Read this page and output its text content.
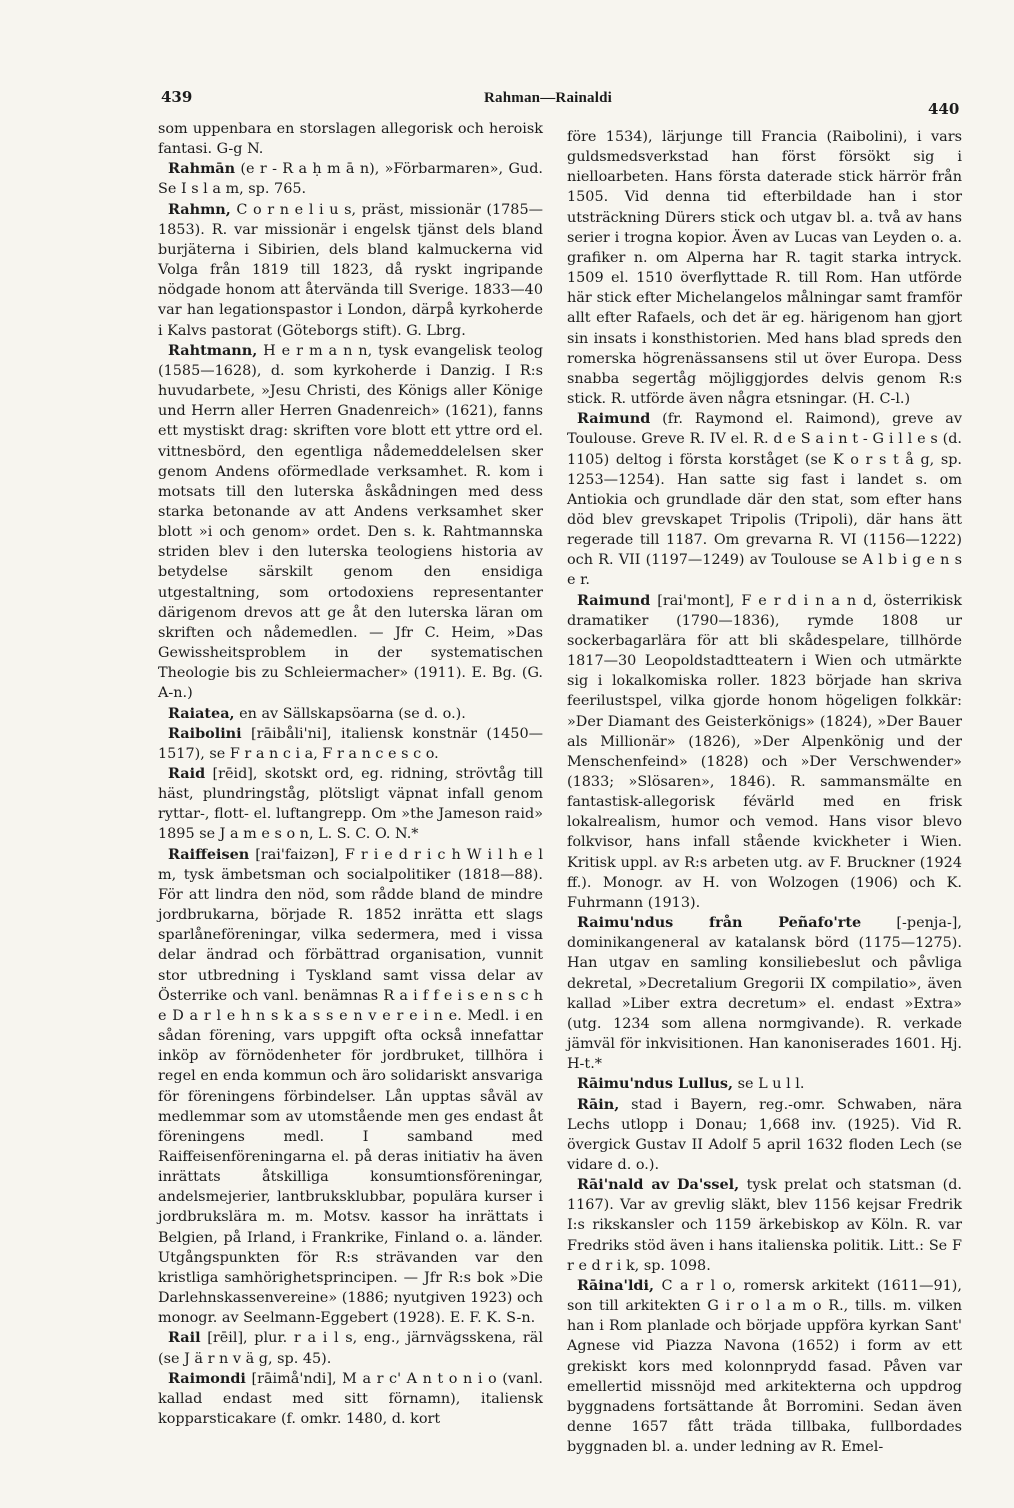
439	Rahman—Rainaldi
440

som uppenbara en storslagen allegorisk och heroisk fantasi. G-g N.

Rahmān (e r - R a ḥ m ā n), »Förbarmaren», Gud. Se I s l a m, sp. 765.

Rahmn, C o r n e l i u s, präst, missionär (1785—1853). R. var missionär i engelsk tjänst dels bland burjäterna i Sibirien, dels bland kalmuckerna vid Volga från 1819 till 1823, då ryskt ingripande nödgade honom att återvända till Sverige. 1833—40 var han legationspastor i London, därpå kyrkoherde i Kalvs pastorat (Göteborgs stift). G. Lbrg.

Rahtmann, H e r m a n n, tysk evangelisk teolog (1585—1628), d. som kyrkoherde i Danzig. I R:s huvudarbete, »Jesu Christi, des Königs aller Könige und Herrn aller Herren Gnadenreich» (1621), fanns ett mystiskt drag: skriften vore blott ett yttre ord el. vittnesbörd, den egentliga nådemeddelelsen sker genom Andens oförmedlade verksamhet. R. kom i motsats till den luterska åskådningen med dess starka betonande av att Andens verksamhet sker blott »i och genom» ordet. Den s. k. Rahtmannska striden blev i den luterska teologiens historia av betydelse särskilt genom den ensidiga utgestaltning, som ortodoxiens representanter därigenom drevos att ge åt den luterska läran om skriften och nådemedlen. — Jfr C. Heim, »Das Gewissheitsproblem in der systematischen Theologie bis zu Schleiermacher» (1911). E. Bg. (G. A-n.)

Raiatea, en av Sällskapsöarna (se d. o.).

Raibolini [rāibåli'ni], italiensk konstnär (1450—1517), se F r a n c i a, F r a n c e s c o.

Raid [rēid], skotskt ord, eg. ridning, strövtåg till häst, plundringståg, plötsligt väpnat infall genom ryttar-, flott- el. luftangrepp. Om »the Jameson raid» 1895 se J a m e s o n, L. S. C. O. N.*

Raiffeisen [rai'faizən], F r i e d r i c h W i l h e l m, tysk ämbetsman och socialpolitiker (1818—88). För att lindra den nöd, som rådde bland de mindre jordbrukarna, började R. 1852 inrätta ett slags sparlåneföreningar, vilka sedermera, med i vissa delar ändrad och förbättrad organisation, vunnit stor utbredning i Tyskland samt vissa delar av Österrike och vanl. benämnas R a i f f e i s e n s c h e D a r l e h n s k a s s e n v e r e i n e. Medl. i en sådan förening, vars uppgift ofta också innefattar inköp av förnödenheter för jordbruket, tillhöra i regel en enda kommun och äro solidariskt ansvariga för föreningens förbindelser. Lån upptas såväl av medlemmar som av utomstående men ges endast åt föreningens medl. I samband med Raiffeisenföreningarna el. på deras initiativ ha även inrättats åtskilliga konsumtionsföreningar, andelsmejerier, lantbruksklubbar, populära kurser i jordbrukslära m. m. Motsv. kassor ha inrättats i Belgien, på Irland, i Frankrike, Finland o. a. länder. Utgångspunkten för R:s strävanden var den kristliga samhörighetsprincipen. — Jfr R:s bok »Die Darlehnskassenvereine» (1886; nyutgiven 1923) och monogr. av Seelmann-Eggebert (1928). E. F. K. S-n.

Rail [rēil], plur. r a i l s, eng., järnvägsskena, räl (se J ä r n v ä g, sp. 45).

Raimondi [rāimå'ndi], M a r c' A n t o n i o (vanl. kallad endast med sitt förnamn), italiensk kopparsticakare (f. omkr. 1480, d. kort

före 1534), lärjunge till Francia (Raibolini), i vars guldsmedsverkstad han först försökt sig i nielloarbeten. Hans första daterade stick härrör från 1505. Vid denna tid efterbildade han i stor utsträckning Dürers stick och utgav bl. a. två av hans serier i trogna kopior. Även av Lucas van Leyden o. a. grafiker n. om Alperna har R. tagit starka intryck. 1509 el. 1510 överflyttade R. till Rom. Han utförde här stick efter Michelangelos målningar samt framför allt efter Rafaels, och det är eg. härigenom han gjort sin insats i konsthistorien. Med hans blad spreds den romerska högrenässansens stil ut över Europa. Dess snabba segertåg möjliggjordes delvis genom R:s stick. R. utförde även några etsningar. (H. C-l.)

Raimund (fr. Raymond el. Raimond), greve av Toulouse. Greve R. IV el. R. d e S a i n t - G i l l e s (d. 1105) deltog i första korståget (se K o r s t å g, sp. 1253—1254). Han satte sig fast i landet s. om Antiokia och grundlade där den stat, som efter hans död blev grevskapet Tripolis (Tripoli), där hans ätt regerade till 1187. Om grevarna R. VI (1156—1222) och R. VII (1197—1249) av Toulouse se A l b i g e n s e r.

Raimund [rai'mont], F e r d i n a n d, österrikisk dramatiker (1790—1836), rymde 1808 ur sockerbagarlära för att bli skådespelare, tillhörde 1817—30 Leopoldstadtteatern i Wien och utmärkte sig i lokalkomiska roller. 1823 började han skriva feerilustspel, vilka gjorde honom högeligen folkkär: »Der Diamant des Geisterkönigs» (1824), »Der Bauer als Millionär» (1826), »Der Alpenkönig und der Menschenfeind» (1828) och »Der Verschwender» (1833; »Slösaren», 1846). R. sammansmälte en fantastisk-allegorisk févärld med en frisk lokalrealism, humor och vemod. Hans visor blevo folkvisor, hans infall stående kvickheter i Wien. Kritisk uppl. av R:s arbeten utg. av F. Bruckner (1924 ff.). Monogr. av H. von Wolzogen (1906) och K. Fuhrmann (1913).

Raimu'ndus från Peñafo'rte [-penja-], dominikangeneral av katalansk börd (1175—1275). Han utgav en samling konsiliebeslut och påvliga dekretal, »Decretalium Gregorii IX compilatio», även kallad »Liber extra decretum» el. endast »Extra» (utg. 1234 som allena normgivande). R. verkade jämväl för inkvisitionen. Han kanoniserades 1601. Hj. H-t.*

Rāimu'ndus Lullus, se L u l l.

Rāin, stad i Bayern, reg.-omr. Schwaben, nära Lechs utlopp i Donau; 1,668 inv. (1925). Vid R. övergick Gustav II Adolf 5 april 1632 floden Lech (se vidare d. o.).

Rāi'nald av Da'ssel, tysk prelat och statsman (d. 1167). Var av grevlig släkt, blev 1156 kejsar Fredrik I:s rikskansler och 1159 ärkebiskop av Köln. R. var Fredriks stöd även i hans italienska politik. Litt.: Se F r e d r i k, sp. 1098.

Rāina'ldi, C a r l o, romersk arkitekt (1611—91), son till arkitekten G i r o l a m o R., tills. m. vilken han i Rom planlade och började uppföra kyrkan Sant' Agnese vid Piazza Navona (1652) i form av ett grekiskt kors med kolonnprydd fasad. Påven var emellertid missnöjd med arkitekterna och uppdrog byggnadens fortsättande åt Borromini. Sedan även denne 1657 fått träda tillbaka, fullbordades byggnaden bl. a. under ledning av R. Emel-
